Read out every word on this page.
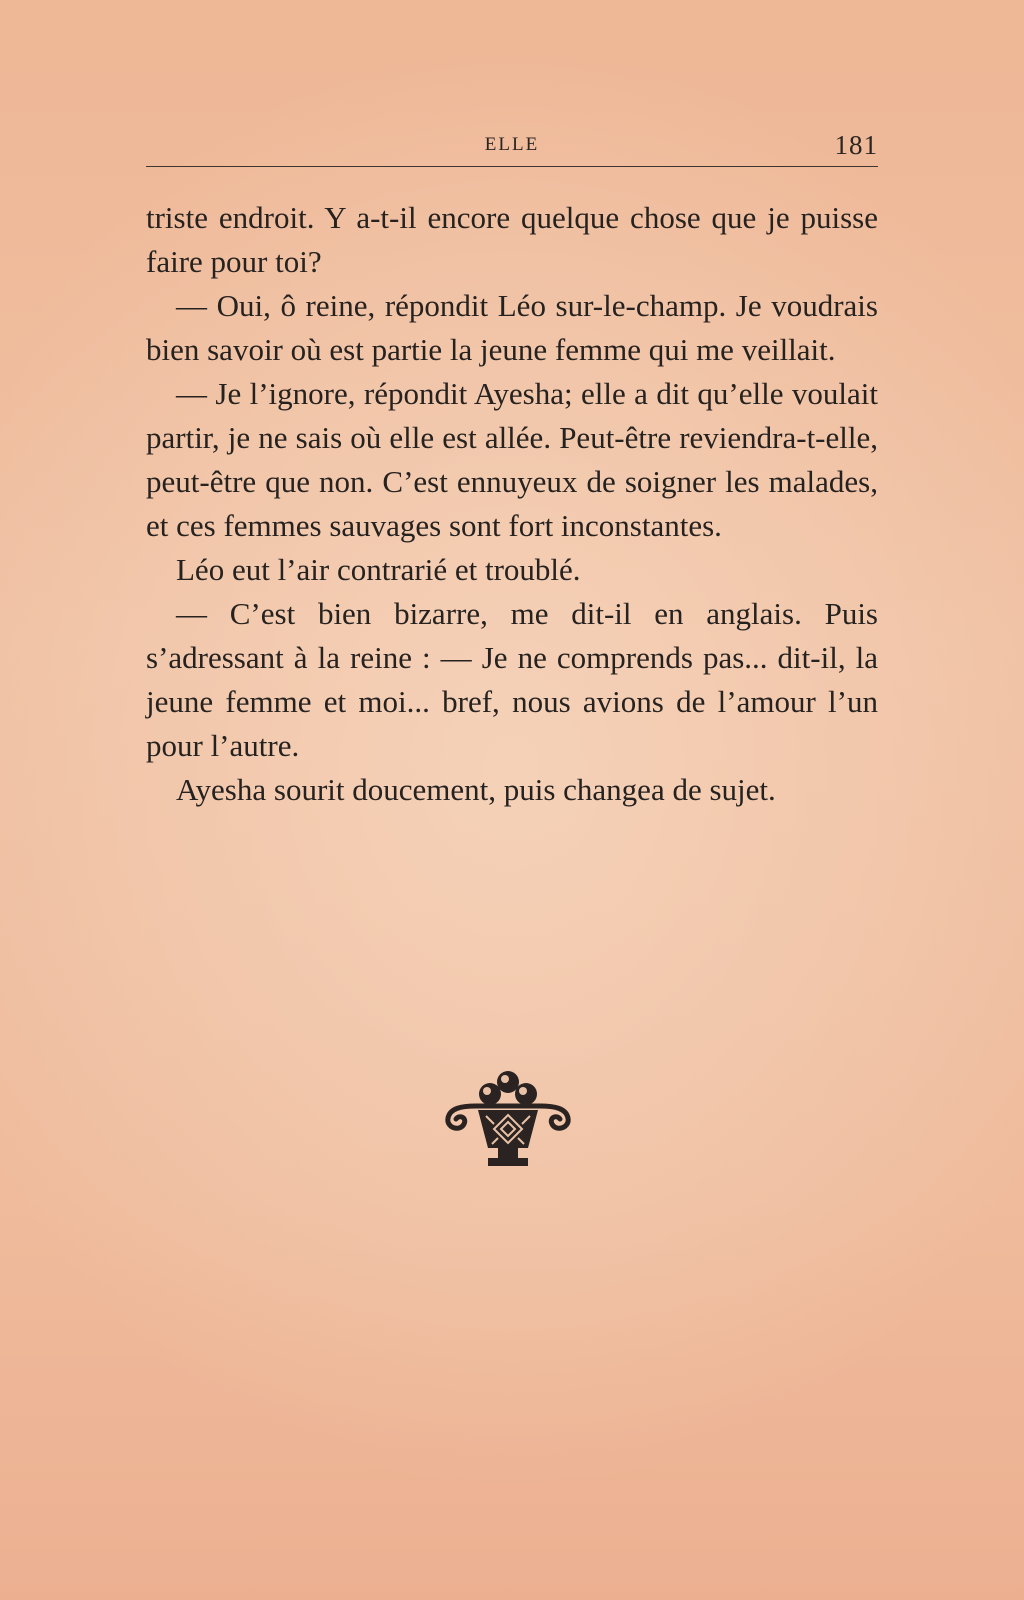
ELLE	181

triste endroit. Y a-t-il encore quelque chose que je puisse faire pour toi?

— Oui, ô reine, répondit Léo sur-le-champ. Je voudrais bien savoir où est partie la jeune femme qui me veillait.

— Je l’ignore, répondit Ayesha; elle a dit qu’elle voulait partir, je ne sais où elle est allée. Peut-être reviendra-t-elle, peut-être que non. C’est ennuyeux de soigner les malades, et ces femmes sauvages sont fort inconstantes.

Léo eut l’air contrarié et troublé.

— C’est bien bizarre, me dit-il en anglais. Puis s’adressant à la reine : — Je ne comprends pas... dit-il, la jeune femme et moi... bref, nous avions de l’amour l’un pour l’autre.

Ayesha sourit doucement, puis changea de sujet.
